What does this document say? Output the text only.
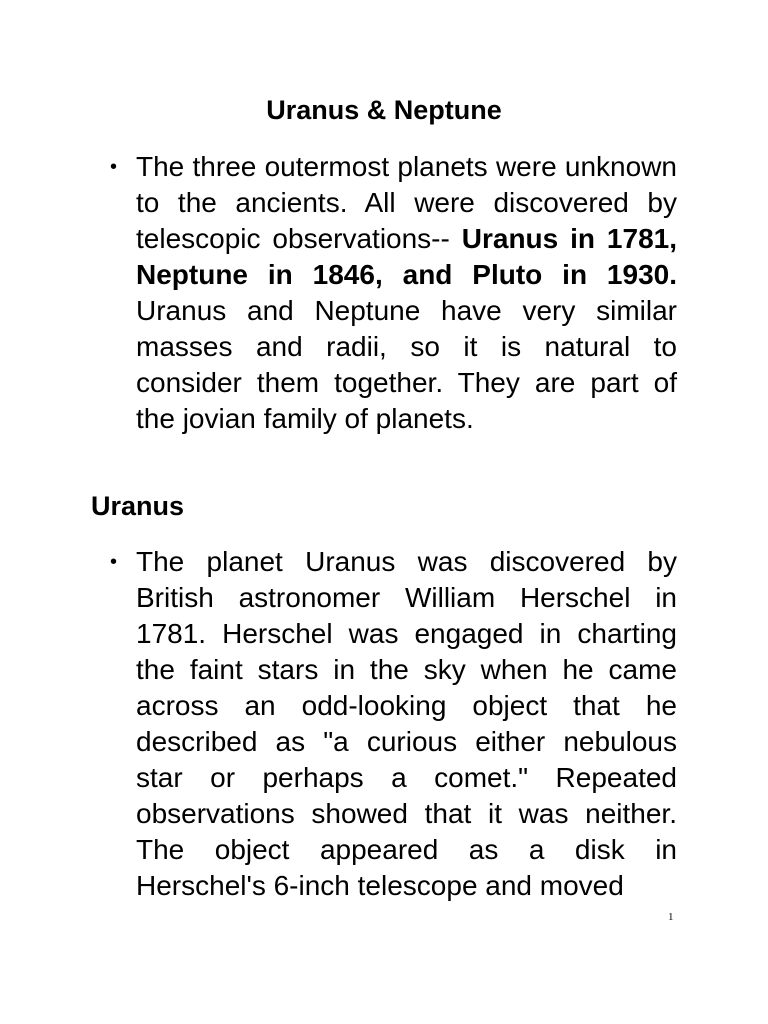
Uranus & Neptune
• The three outermost planets were unknown to the ancients. All were discovered by telescopic observations-- Uranus in 1781, Neptune in 1846, and Pluto in 1930. Uranus and Neptune have very similar masses and radii, so it is natural to consider them together. They are part of the jovian family of planets.

Uranus
• The planet Uranus was discovered by British astronomer William Herschel in 1781. Herschel was engaged in charting the faint stars in the sky when he came across an odd-looking object that he described as "a curious either nebulous star or perhaps a comet." Repeated observations showed that it was neither. The object appeared as a disk in Herschel's 6-inch telescope and moved

1
